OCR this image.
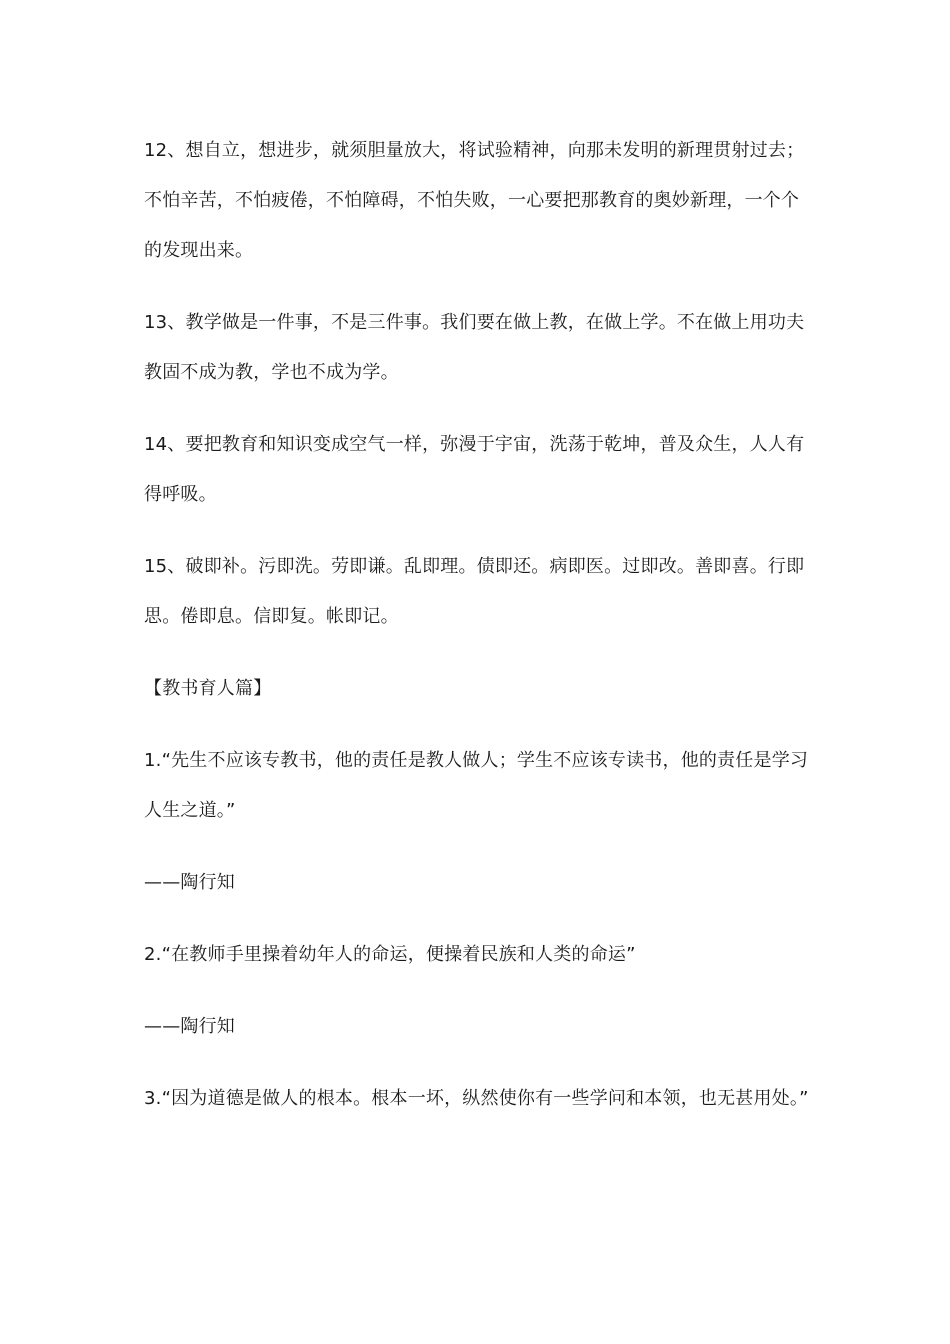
12、想自立，想进步，就须胆量放大，将试验精神，向那未发明的新理贯射过去；不怕辛苦，不怕疲倦，不怕障碍，不怕失败，一心要把那教育的奥妙新理，一个个的发现出来。

13、教学做是一件事，不是三件事。我们要在做上教，在做上学。不在做上用功夫教固不成为教，学也不成为学。

14、要把教育和知识变成空气一样，弥漫于宇宙，洗荡于乾坤，普及众生，人人有得呼吸。

15、破即补。污即洗。劳即谦。乱即理。债即还。病即医。过即改。善即喜。行即思。倦即息。信即复。帐即记。

【教书育人篇】

1.“先生不应该专教书，他的责任是教人做人；学生不应该专读书，他的责任是学习人生之道。”

——陶行知

2.“在教师手里操着幼年人的命运，便操着民族和人类的命运”

——陶行知

3.“因为道德是做人的根本。根本一坏，纵然使你有一些学问和本领，也无甚用处。”
